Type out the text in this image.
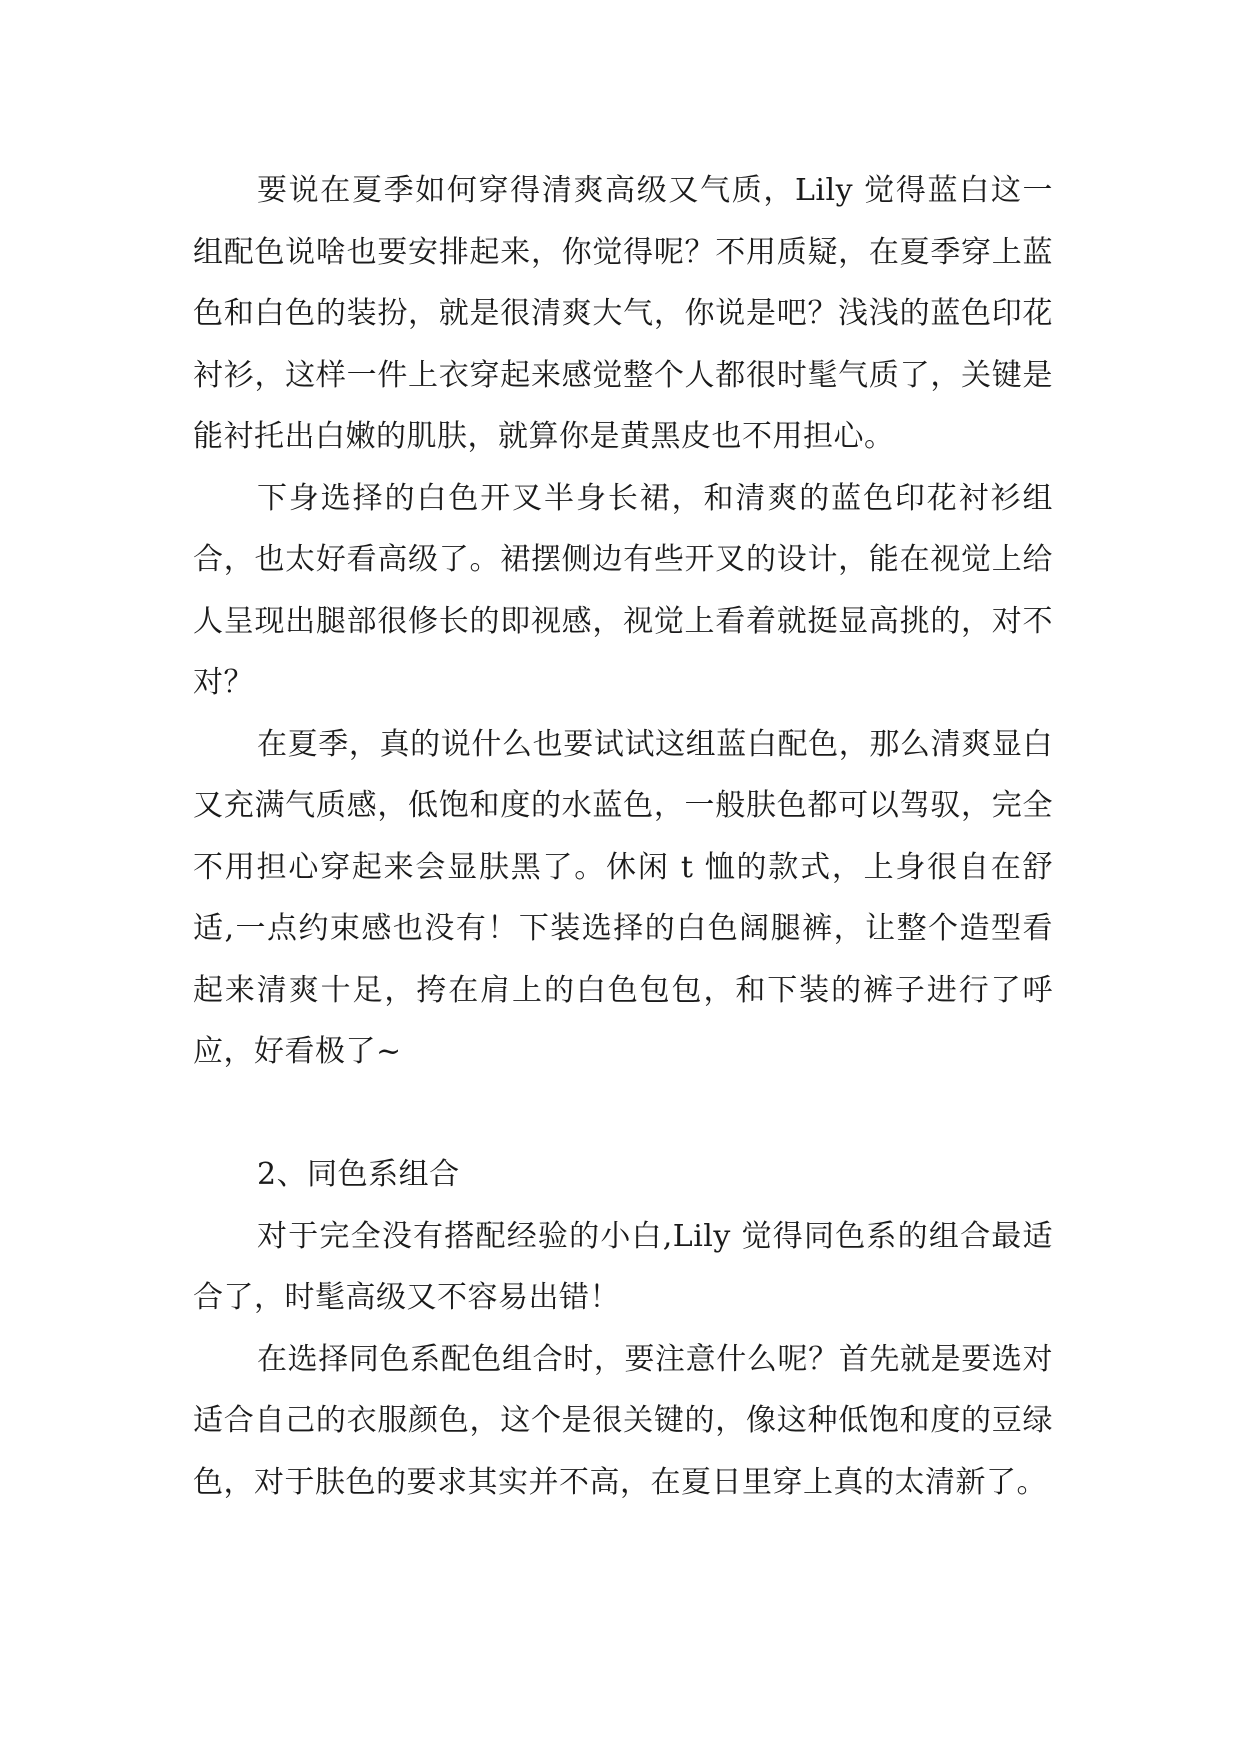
要说在夏季如何穿得清爽高级又气质，Lily 觉得蓝白这一组配色说啥也要安排起来，你觉得呢？不用质疑，在夏季穿上蓝色和白色的装扮，就是很清爽大气，你说是吧？浅浅的蓝色印花衬衫，这样一件上衣穿起来感觉整个人都很时髦气质了，关键是能衬托出白嫩的肌肤，就算你是黄黑皮也不用担心。

下身选择的白色开叉半身长裙，和清爽的蓝色印花衬衫组合，也太好看高级了。裙摆侧边有些开叉的设计，能在视觉上给人呈现出腿部很修长的即视感，视觉上看着就挺显高挑的，对不对？

在夏季，真的说什么也要试试这组蓝白配色，那么清爽显白又充满气质感，低饱和度的水蓝色，一般肤色都可以驾驭，完全不用担心穿起来会显肤黑了。休闲 t 恤的款式，上身很自在舒适,一点约束感也没有！下装选择的白色阔腿裤，让整个造型看起来清爽十足，挎在肩上的白色包包，和下装的裤子进行了呼应，好看极了~

2、同色系组合

对于完全没有搭配经验的小白,Lily 觉得同色系的组合最适合了，时髦高级又不容易出错！

在选择同色系配色组合时，要注意什么呢？首先就是要选对适合自己的衣服颜色，这个是很关键的，像这种低饱和度的豆绿色，对于肤色的要求其实并不高，在夏日里穿上真的太清新了。
